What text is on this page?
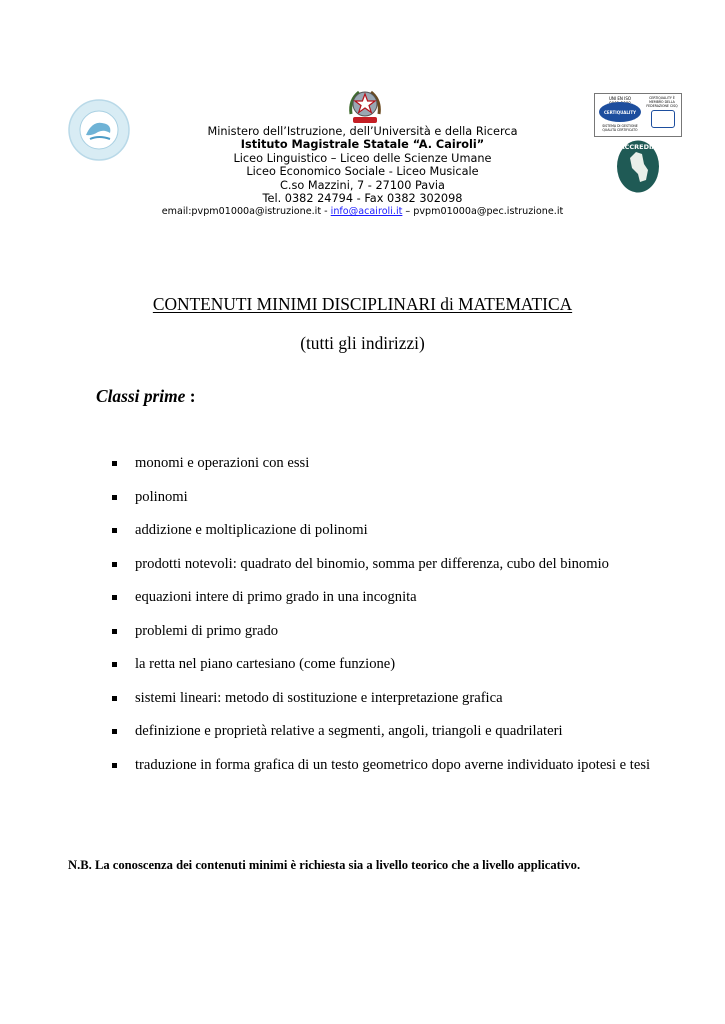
UNI EN ISO
CERTIQUALITY
SISTEMA DI GESTIONE QUALITÀ CERTIFICATO
CERTIQUALITY È MEMBRO DELLA FEDERAZIONE CISQ
ACCREDIA
Ministero dell’Istruzione, dell’Università e della Ricerca
Istituto Magistrale Statale “A. Cairoli”
Liceo Linguistico – Liceo delle Scienze Umane
Liceo Economico Sociale - Liceo Musicale
C.so Mazzini, 7 - 27100 Pavia
Tel. 0382 24794 - Fax 0382 302098
email:pvpm01000a@istruzione.it - info@acairoli.it – pvpm01000a@pec.istruzione.it
CONTENUTI MINIMI DISCIPLINARI di MATEMATICA
(tutti gli indirizzi)
Classi prime :
monomi e operazioni con essi
polinomi
addizione e moltiplicazione di polinomi
prodotti notevoli: quadrato del binomio, somma per differenza, cubo del binomio
equazioni intere di primo grado in una incognita
problemi di primo grado
la retta nel piano cartesiano (come funzione)
sistemi lineari: metodo di sostituzione e interpretazione grafica
definizione e proprietà relative a segmenti, angoli, triangoli e quadrilateri
traduzione in forma grafica di un testo geometrico dopo averne individuato ipotesi e tesi
N.B. La conoscenza dei contenuti minimi è richiesta sia a livello teorico che a livello applicativo.
